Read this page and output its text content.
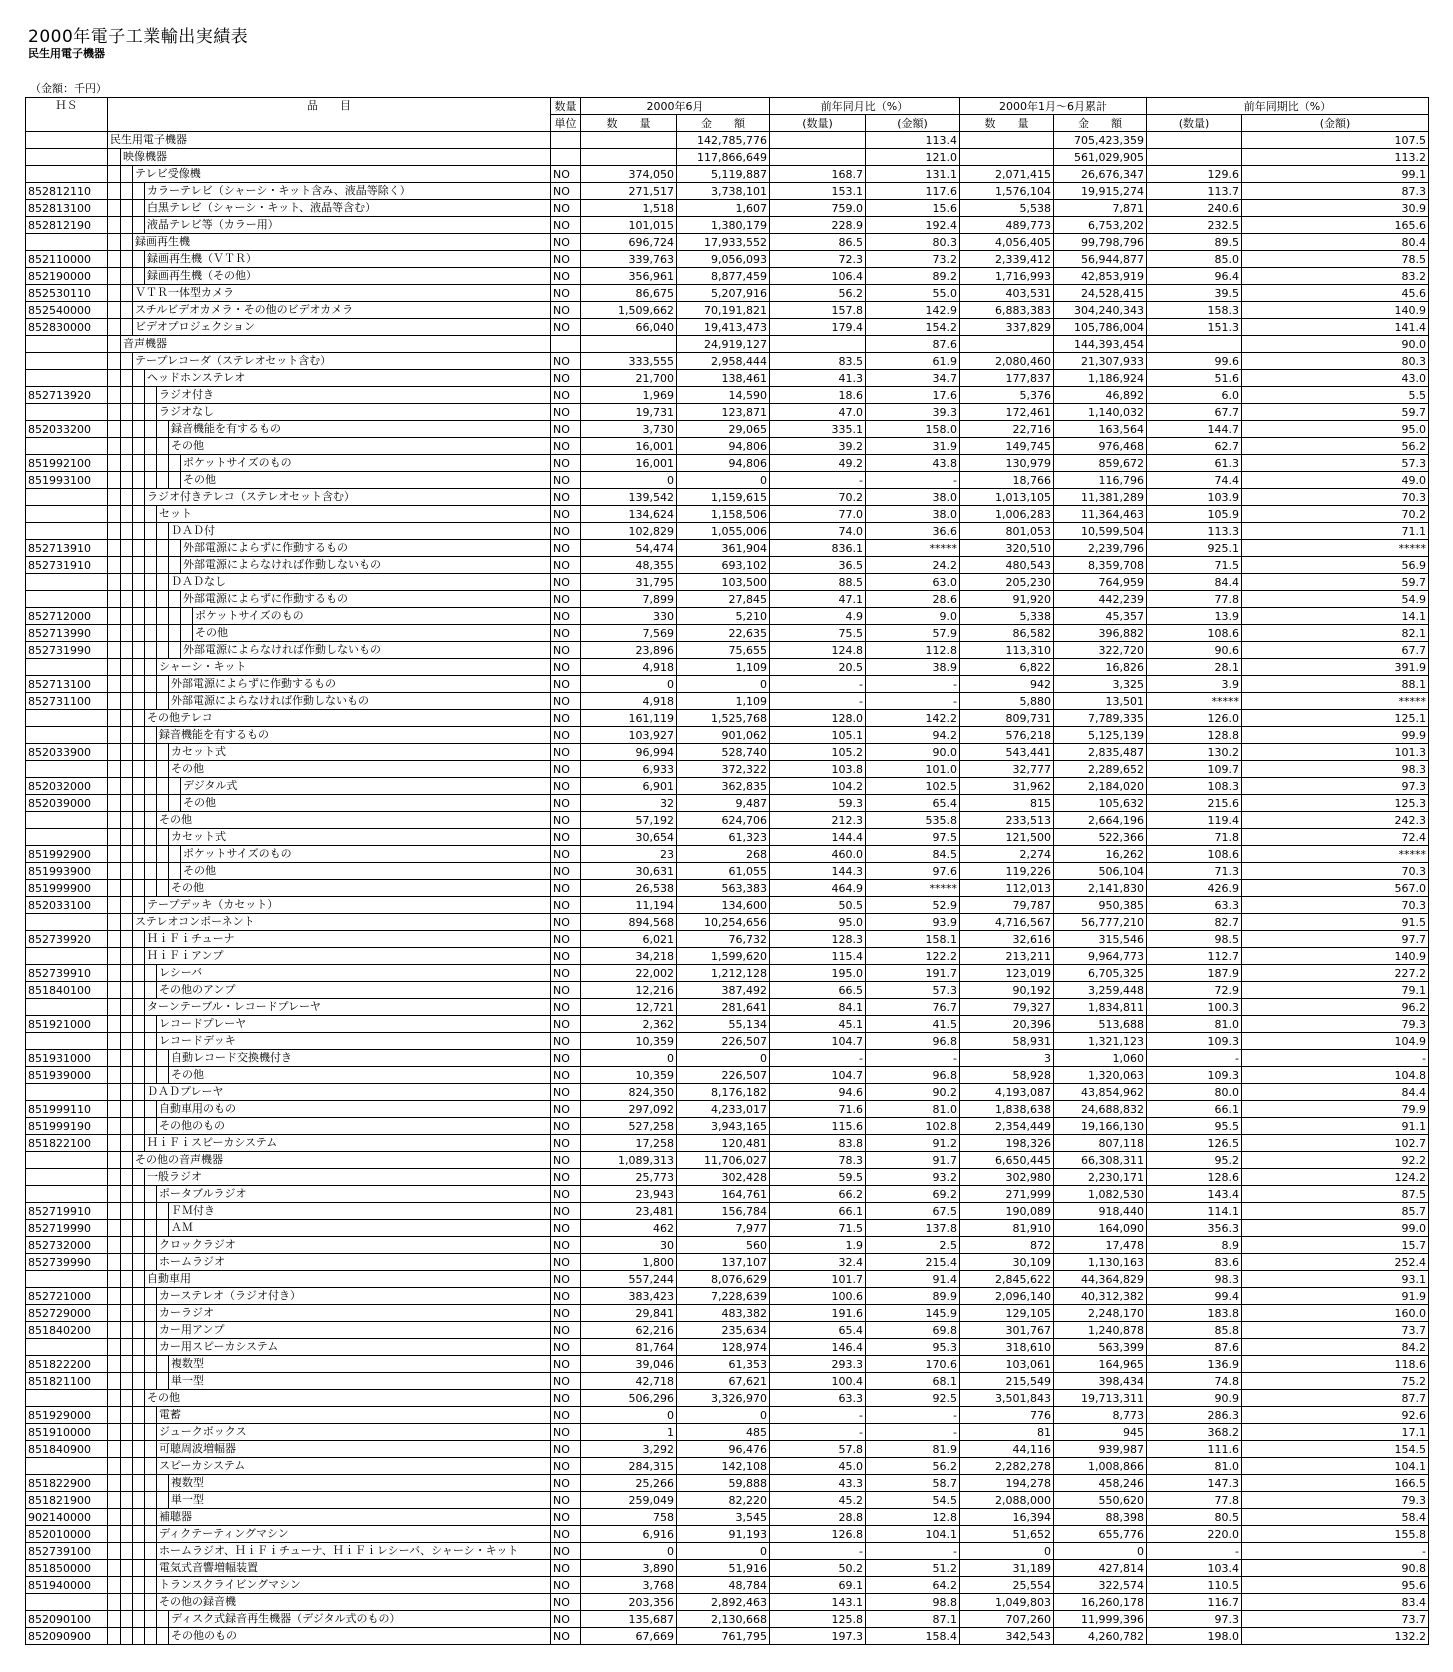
2000年電子工業輸出実績表
民生用電子機器
（金額：千円）
ＨＳ	品　　目	数量	2000年6月		前年同月比（%）		2000年1月～6月累計		前年同期比（%）	
		単位	数　　量	金　　額	(数量)	(金額)	数　　量	金　　額	(数量)	(金額)
	民生用電子機器			142,785,776		113.4		705,423,359		107.5
	映像機器			117,866,649		121.0		561,029,905		113.2
	テレビ受像機	NO	374,050	5,119,887	168.7	131.1	2,071,415	26,676,347	129.6	99.1
852812110	カラーテレビ（シャーシ・キット含み、液晶等除く）	NO	271,517	3,738,101	153.1	117.6	1,576,104	19,915,274	113.7	87.3
852813100	白黒テレビ（シャーシ・キット、液晶等含む）	NO	1,518	1,607	759.0	15.6	5,538	7,871	240.6	30.9
852812190	液晶テレビ等（カラー用）	NO	101,015	1,380,179	228.9	192.4	489,773	6,753,202	232.5	165.6
	録画再生機	NO	696,724	17,933,552	86.5	80.3	4,056,405	99,798,796	89.5	80.4
852110000	録画再生機（ＶＴＲ）	NO	339,763	9,056,093	72.3	73.2	2,339,412	56,944,877	85.0	78.5
852190000	録画再生機（その他）	NO	356,961	8,877,459	106.4	89.2	1,716,993	42,853,919	96.4	83.2
852530110	ＶＴＲ一体型カメラ	NO	86,675	5,207,916	56.2	55.0	403,531	24,528,415	39.5	45.6
852540000	スチルビデオカメラ・その他のビデオカメラ	NO	1,509,662	70,191,821	157.8	142.9	6,883,383	304,240,343	158.3	140.9
852830000	ビデオプロジェクション	NO	66,040	19,413,473	179.4	154.2	337,829	105,786,004	151.3	141.4
	音声機器			24,919,127		87.6		144,393,454		90.0
	テープレコーダ（ステレオセット含む）	NO	333,555	2,958,444	83.5	61.9	2,080,460	21,307,933	99.6	80.3
	ヘッドホンステレオ	NO	21,700	138,461	41.3	34.7	177,837	1,186,924	51.6	43.0
852713920	ラジオ付き	NO	1,969	14,590	18.6	17.6	5,376	46,892	6.0	5.5
	ラジオなし	NO	19,731	123,871	47.0	39.3	172,461	1,140,032	67.7	59.7
852033200	録音機能を有するもの	NO	3,730	29,065	335.1	158.0	22,716	163,564	144.7	95.0
	その他	NO	16,001	94,806	39.2	31.9	149,745	976,468	62.7	56.2
851992100	ポケットサイズのもの	NO	16,001	94,806	49.2	43.8	130,979	859,672	61.3	57.3
851993100	その他	NO	0	0	-	-	18,766	116,796	74.4	49.0
	ラジオ付きテレコ（ステレオセット含む）	NO	139,542	1,159,615	70.2	38.0	1,013,105	11,381,289	103.9	70.3
	セット	NO	134,624	1,158,506	77.0	38.0	1,006,283	11,364,463	105.9	70.2
	ＤＡＤ付	NO	102,829	1,055,006	74.0	36.6	801,053	10,599,504	113.3	71.1
852713910	外部電源によらずに作動するもの	NO	54,474	361,904	836.1	*****	320,510	2,239,796	925.1	*****
852731910	外部電源によらなければ作動しないもの	NO	48,355	693,102	36.5	24.2	480,543	8,359,708	71.5	56.9
	ＤＡＤなし	NO	31,795	103,500	88.5	63.0	205,230	764,959	84.4	59.7
	外部電源によらずに作動するもの	NO	7,899	27,845	47.1	28.6	91,920	442,239	77.8	54.9
852712000	ポケットサイズのもの	NO	330	5,210	4.9	9.0	5,338	45,357	13.9	14.1
852713990	その他	NO	7,569	22,635	75.5	57.9	86,582	396,882	108.6	82.1
852731990	外部電源によらなければ作動しないもの	NO	23,896	75,655	124.8	112.8	113,310	322,720	90.6	67.7
	シャーシ・キット	NO	4,918	1,109	20.5	38.9	6,822	16,826	28.1	391.9
852713100	外部電源によらずに作動するもの	NO	0	0	-	-	942	3,325	3.9	88.1
852731100	外部電源によらなければ作動しないもの	NO	4,918	1,109	-	-	5,880	13,501	*****	*****
	その他テレコ	NO	161,119	1,525,768	128.0	142.2	809,731	7,789,335	126.0	125.1
	録音機能を有するもの	NO	103,927	901,062	105.1	94.2	576,218	5,125,139	128.8	99.9
852033900	カセット式	NO	96,994	528,740	105.2	90.0	543,441	2,835,487	130.2	101.3
	その他	NO	6,933	372,322	103.8	101.0	32,777	2,289,652	109.7	98.3
852032000	デジタル式	NO	6,901	362,835	104.2	102.5	31,962	2,184,020	108.3	97.3
852039000	その他	NO	32	9,487	59.3	65.4	815	105,632	215.6	125.3
	その他	NO	57,192	624,706	212.3	535.8	233,513	2,664,196	119.4	242.3
	カセット式	NO	30,654	61,323	144.4	97.5	121,500	522,366	71.8	72.4
851992900	ポケットサイズのもの	NO	23	268	460.0	84.5	2,274	16,262	108.6	*****
851993900	その他	NO	30,631	61,055	144.3	97.6	119,226	506,104	71.3	70.3
851999900	その他	NO	26,538	563,383	464.9	*****	112,013	2,141,830	426.9	567.0
852033100	テープデッキ（カセット）	NO	11,194	134,600	50.5	52.9	79,787	950,385	63.3	70.3
	ステレオコンポーネント	NO	894,568	10,254,656	95.0	93.9	4,716,567	56,777,210	82.7	91.5
852739920	ＨｉＦｉチューナ	NO	6,021	76,732	128.3	158.1	32,616	315,546	98.5	97.7
	ＨｉＦｉアンプ	NO	34,218	1,599,620	115.4	122.2	213,211	9,964,773	112.7	140.9
852739910	レシーバ	NO	22,002	1,212,128	195.0	191.7	123,019	6,705,325	187.9	227.2
851840100	その他のアンプ	NO	12,216	387,492	66.5	57.3	90,192	3,259,448	72.9	79.1
	ターンテーブル・レコードプレーヤ	NO	12,721	281,641	84.1	76.7	79,327	1,834,811	100.3	96.2
851921000	レコードプレーヤ	NO	2,362	55,134	45.1	41.5	20,396	513,688	81.0	79.3
	レコードデッキ	NO	10,359	226,507	104.7	96.8	58,931	1,321,123	109.3	104.9
851931000	自動レコード交換機付き	NO	0	0	-	-	3	1,060	-	-
851939000	その他	NO	10,359	226,507	104.7	96.8	58,928	1,320,063	109.3	104.8
	ＤＡＤプレーヤ	NO	824,350	8,176,182	94.6	90.2	4,193,087	43,854,962	80.0	84.4
851999110	自動車用のもの	NO	297,092	4,233,017	71.6	81.0	1,838,638	24,688,832	66.1	79.9
851999190	その他のもの	NO	527,258	3,943,165	115.6	102.8	2,354,449	19,166,130	95.5	91.1
851822100	ＨｉＦｉスピーカシステム	NO	17,258	120,481	83.8	91.2	198,326	807,118	126.5	102.7
	その他の音声機器	NO	1,089,313	11,706,027	78.3	91.7	6,650,445	66,308,311	95.2	92.2
	一般ラジオ	NO	25,773	302,428	59.5	93.2	302,980	2,230,171	128.6	124.2
	ポータブルラジオ	NO	23,943	164,761	66.2	69.2	271,999	1,082,530	143.4	87.5
852719910	ＦＭ付き	NO	23,481	156,784	66.1	67.5	190,089	918,440	114.1	85.7
852719990	ＡＭ	NO	462	7,977	71.5	137.8	81,910	164,090	356.3	99.0
852732000	クロックラジオ	NO	30	560	1.9	2.5	872	17,478	8.9	15.7
852739990	ホームラジオ	NO	1,800	137,107	32.4	215.4	30,109	1,130,163	83.6	252.4
	自動車用	NO	557,244	8,076,629	101.7	91.4	2,845,622	44,364,829	98.3	93.1
852721000	カーステレオ（ラジオ付き）	NO	383,423	7,228,639	100.6	89.9	2,096,140	40,312,382	99.4	91.9
852729000	カーラジオ	NO	29,841	483,382	191.6	145.9	129,105	2,248,170	183.8	160.0
851840200	カー用アンプ	NO	62,216	235,634	65.4	69.8	301,767	1,240,878	85.8	73.7
	カー用スピーカシステム	NO	81,764	128,974	146.4	95.3	318,610	563,399	87.6	84.2
851822200	複数型	NO	39,046	61,353	293.3	170.6	103,061	164,965	136.9	118.6
851821100	単一型	NO	42,718	67,621	100.4	68.1	215,549	398,434	74.8	75.2
	その他	NO	506,296	3,326,970	63.3	92.5	3,501,843	19,713,311	90.9	87.7
851929000	電蓄	NO	0	0	-	-	776	8,773	286.3	92.6
851910000	ジュークボックス	NO	1	485	-	-	81	945	368.2	17.1
851840900	可聴周波増幅器	NO	3,292	96,476	57.8	81.9	44,116	939,987	111.6	154.5
	スピーカシステム	NO	284,315	142,108	45.0	56.2	2,282,278	1,008,866	81.0	104.1
851822900	複数型	NO	25,266	59,888	43.3	58.7	194,278	458,246	147.3	166.5
851821900	単一型	NO	259,049	82,220	45.2	54.5	2,088,000	550,620	77.8	79.3
902140000	補聴器	NO	758	3,545	28.8	12.8	16,394	88,398	80.5	58.4
852010000	ディクテーティングマシン	NO	6,916	91,193	126.8	104.1	51,652	655,776	220.0	155.8
852739100	ホームラジオ、ＨｉＦｉチューナ、ＨｉＦｉレシーバ、シャーシ・キット	NO	0	0	-	-	0	0	-	-
851850000	電気式音響増幅装置	NO	3,890	51,916	50.2	51.2	31,189	427,814	103.4	90.8
851940000	トランスクライビングマシン	NO	3,768	48,784	69.1	64.2	25,554	322,574	110.5	95.6
	その他の録音機	NO	203,356	2,892,463	143.1	98.8	1,049,803	16,260,178	116.7	83.4
852090100	ディスク式録音再生機器（デジタル式のもの）	NO	135,687	2,130,668	125.8	87.1	707,260	11,999,396	97.3	73.7
852090900	その他のもの	NO	67,669	761,795	197.3	158.4	342,543	4,260,782	198.0	132.2
